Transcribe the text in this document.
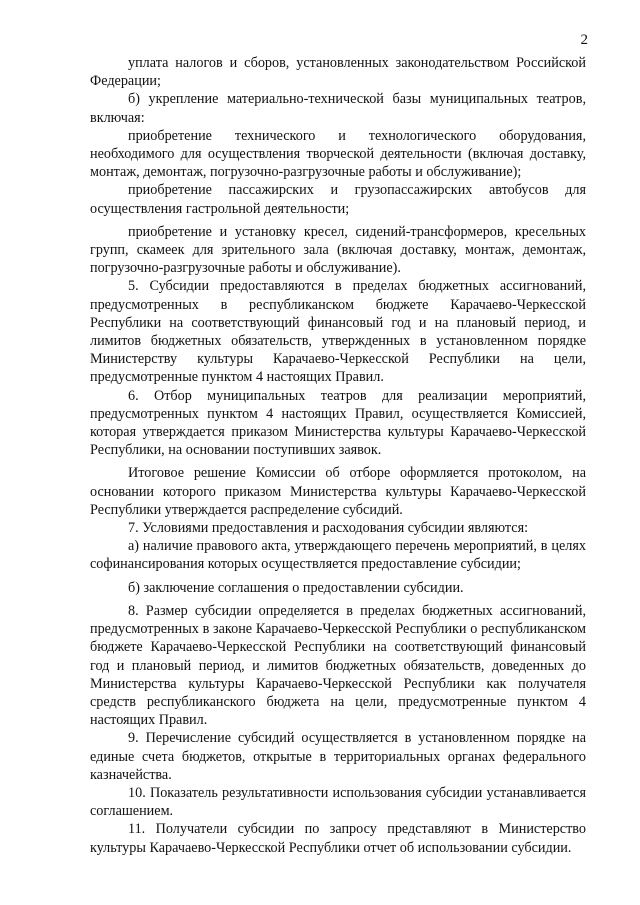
2

уплата налогов и сборов, установленных законодательством Российской Федерации;

б) укрепление материально-технической базы муниципальных театров, включая:

приобретение технического и технологического оборудования, необходимого для осуществления творческой деятельности (включая доставку, монтаж, демонтаж, погрузочно-разгрузочные работы и обслуживание);

приобретение пассажирских и грузопассажирских автобусов для осуществления гастрольной деятельности;

приобретение и установку кресел, сидений-трансформеров, кресельных групп, скамеек для зрительного зала (включая доставку, монтаж, демонтаж, погрузочно-разгрузочные работы и обслуживание).

5. Субсидии предоставляются в пределах бюджетных ассигнований, предусмотренных в республиканском бюджете Карачаево-Черкесской Республики на соответствующий финансовый год и на плановый период, и лимитов бюджетных обязательств, утвержденных в установленном порядке Министерству культуры Карачаево-Черкесской Республики на цели, предусмотренные пунктом 4 настоящих Правил.

6. Отбор муниципальных театров для реализации мероприятий, предусмотренных пунктом 4 настоящих Правил, осуществляется Комиссией, которая утверждается приказом Министерства культуры Карачаево-Черкесской Республики, на основании поступивших заявок.

Итоговое решение Комиссии об отборе оформляется протоколом, на основании которого приказом Министерства культуры Карачаево-Черкесской Республики утверждается распределение субсидий.

7. Условиями предоставления и расходования субсидии являются:

а) наличие правового акта, утверждающего перечень мероприятий, в целях софинансирования которых осуществляется предоставление субсидии;

б) заключение соглашения о предоставлении субсидии.

8. Размер субсидии определяется в пределах бюджетных ассигнований, предусмотренных в законе Карачаево-Черкесской Республики о республиканском бюджете Карачаево-Черкесской Республики на соответствующий финансовый год и плановый период, и лимитов бюджетных обязательств, доведенных до Министерства культуры Карачаево-Черкесской Республики как получателя средств республиканского бюджета на цели, предусмотренные пунктом 4 настоящих Правил.

9. Перечисление субсидий осуществляется в установленном порядке на единые счета бюджетов, открытые в территориальных органах федерального казначейства.

10. Показатель результативности использования субсидии устанавливается соглашением.

11. Получатели субсидии по запросу представляют в Министерство культуры Карачаево-Черкесской Республики отчет об использовании субсидии.
